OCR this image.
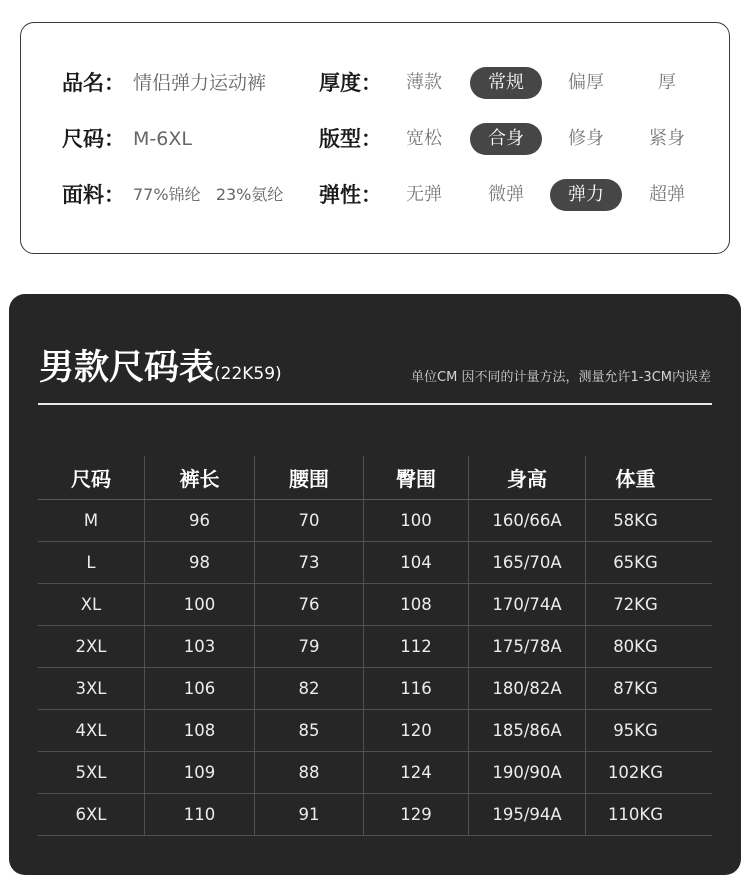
品名： 情侣弹力运动裤	厚度：	薄款	常规	偏厚	厚
尺码： M-6XL	版型：	宽松	合身	修身	紧身
面料： 77%锦纶   23%氨纶 弹性：	无弹	微弹	弹力	超弹
男款尺码表(22K59)	单位CM 因不同的计量方法，测量允许1-3CM内误差
尺码	裤长	腰围	臀围	身高	体重
M	96	70	100	160/66A	58KG
L	98	73	104	165/70A	65KG
XL	100	76	108	170/74A	72KG
2XL	103	79	112	175/78A	80KG
3XL	106	82	116	180/82A	87KG
4XL	108	85	120	185/86A	95KG
5XL	109	88	124	190/90A	102KG
6XL	110	91	129	195/94A	110KG
